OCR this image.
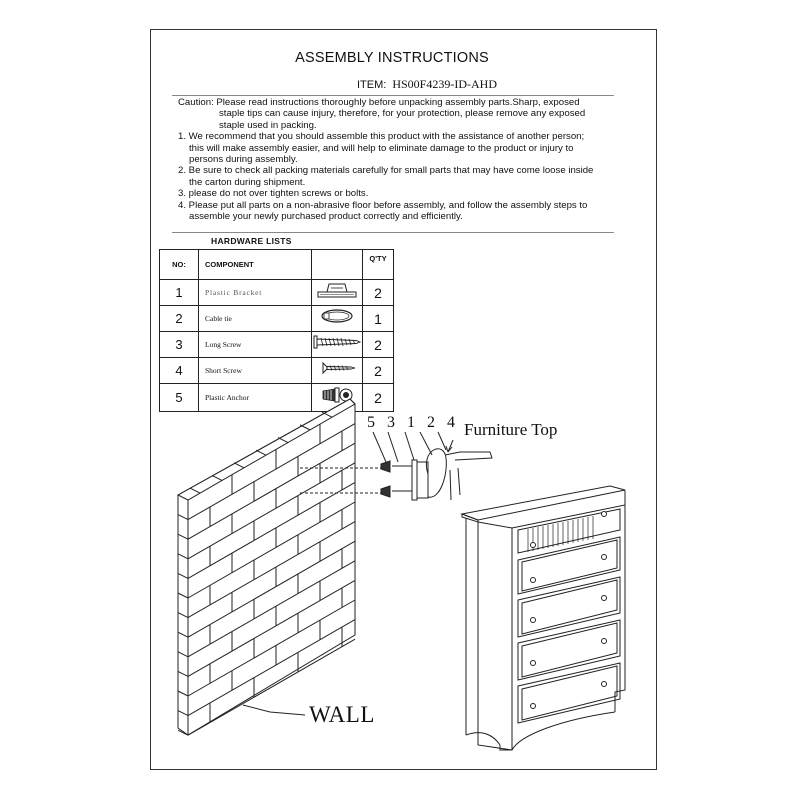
ASSEMBLY INSTRUCTIONS
ITEM: HS00F4239-ID-AHD
Caution: Please read instructions thoroughly before unpacking assembly parts.Sharp, exposed
staple tips can cause injury, therefore, for your protection, please remove any exposed
staple used in packing.
1. We recommend that you should assemble this product with the assistance of another person;
this will make assembly easier, and will help to eliminate damage to the product or injury to
persons during assembly.
2. Be sure to check all packing materials carefully for small parts that may have come loose inside
the carton during shipment.
3. please do not over tighten screws or bolts.
4. Please put all parts on a non-abrasive floor before assembly, and follow the assembly steps to
assemble your newly purchased product correctly and efficiently.
HARDWARE LISTS
NO:	COMPONENT		Q'TY
1	Plastic Bracket		2
2	Cable tie		1
3	Long Screw		2
4	Short Screw		2
5	Plastic Anchor		2
5 3 1 2 4 Furniture Top
WALL
